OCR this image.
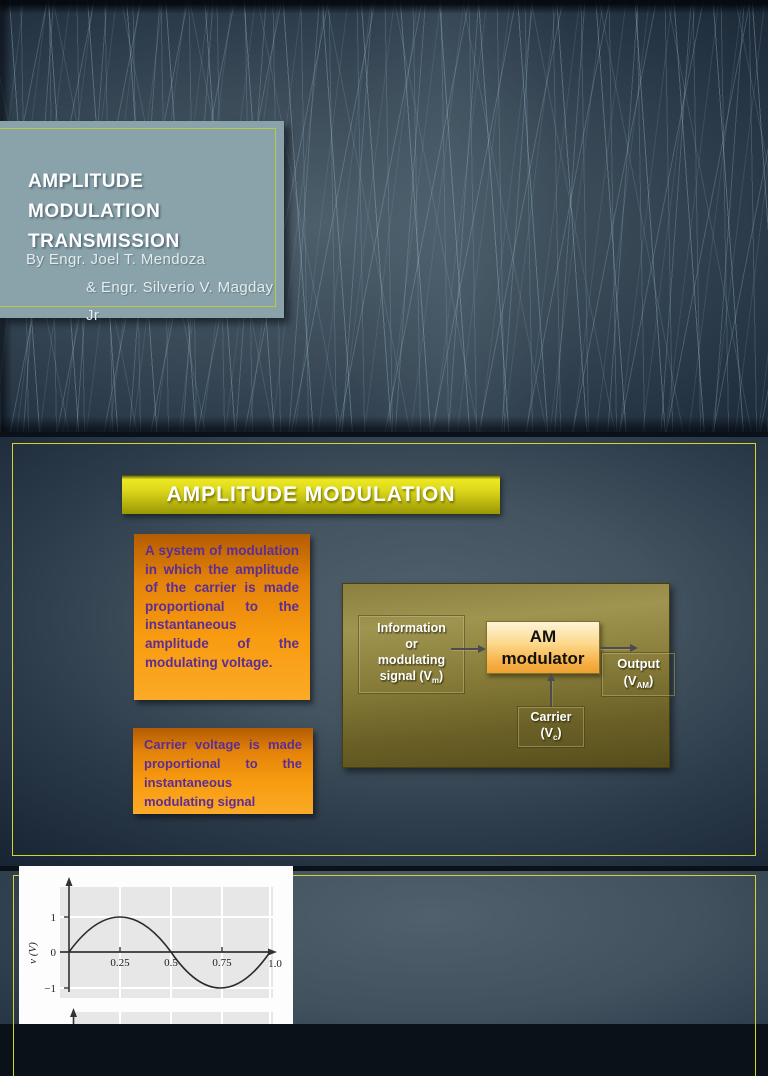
AMPLITUDE MODULATION TRANSMISSION
By Engr. Joel T. Mendoza
& Engr. Silverio V. Magday Jr
AMPLITUDE MODULATION
A system of modulation in which the amplitude of the carrier is made proportional to the instantaneous amplitude of the modulating voltage.
Carrier voltage is made proportional to the instantaneous modulating signal
Information
or
modulating
signal $(V_m)$
AM
modulator	Output
$(V_{AM})$
Carrier
$(V_c)$
1
0
−1
0.25	0.5	0.75	1.0
v (V)
